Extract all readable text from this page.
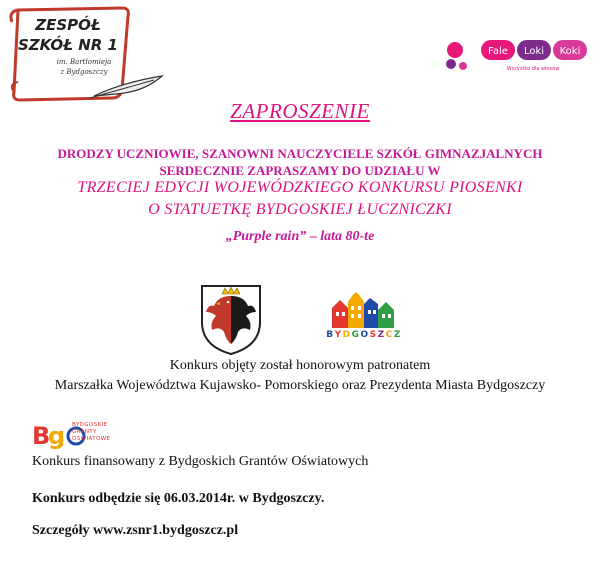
ZESPÓŁ
SZKÓŁ NR 1
im. Bartłomieja
z Bydgoszczy
Fale Loki Koki
Wszystko dla włosów
ZAPROSZENIE
DRODZY UCZNIOWIE, SZANOWNI NAUCZYCIELE SZKÓŁ GIMNAZJALNYCH
SERDECZNIE ZAPRASZAMY DO UDZIAŁU W
TRZECIEJ EDYCJI WOJEWÓDZKIEGO KONKURSU PIOSENKI
O STATUETKĘ BYDGOSKIEJ ŁUCZNICZKI
„Purple rain” – lata 80-te
BYDGOSZCZ
Konkurs objęty został honorowym patronatem
Marszałka Województwa Kujawsko- Pomorskiego oraz Prezydenta Miasta Bydgoszczy
B
g BYDGOSKIE
GRANTY
OŚWIATOWE
Konkurs finansowany z Bydgoskich Grantów Oświatowych
Konkurs odbędzie się 06.03.2014r. w Bydgoszczy.
Szczegóły www.zsnr1.bydgoszcz.pl
